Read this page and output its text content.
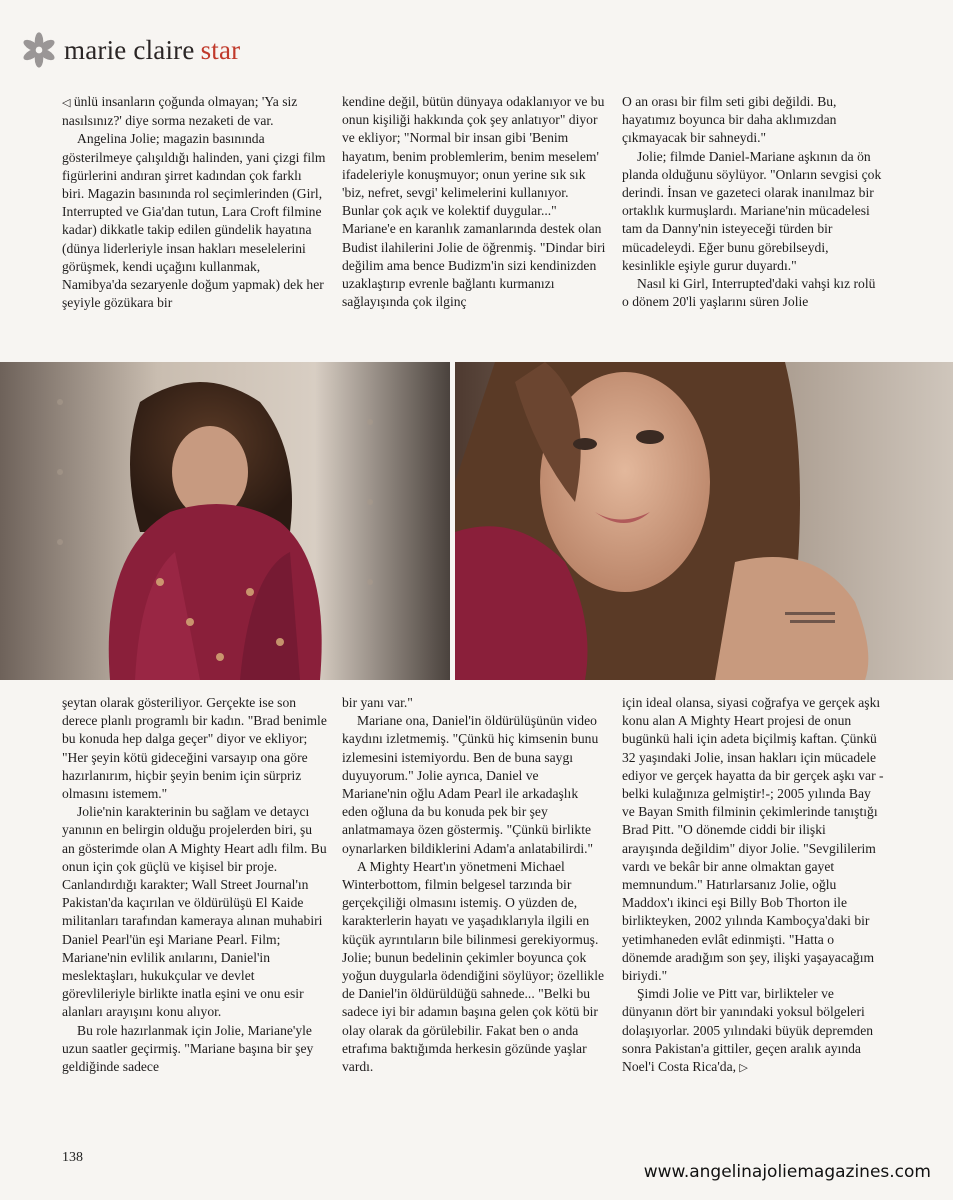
marie claire star

◁ ünlü insanların çoğunda olmayan; 'Ya siz nasılsınız?' diye sorma nezaketi de var.

Angelina Jolie; magazin basınında gösterilmeye çalışıldığı halinden, yani çizgi film figürlerini andıran şirret kadından çok farklı biri. Magazin basınında rol seçimlerinden (Girl, Interrupted ve Gia'dan tutun, Lara Croft filmine kadar) dikkatle takip edilen gündelik hayatına (dünya liderleriyle insan hakları meselelerini görüşmek, kendi uçağını kullanmak, Namibya'da sezaryenle doğum yapmak) dek her şeyiyle gözükara bir

kendine değil, bütün dünyaya odaklanıyor ve bu onun kişiliği hakkında çok şey anlatıyor" diyor ve ekliyor; "Normal bir insan gibi 'Benim hayatım, benim problemlerim, benim meselem' ifadeleriyle konuşmuyor; onun yerine sık sık 'biz, nefret, sevgi' kelimelerini kullanıyor. Bunlar çok açık ve kolektif duygular..." Mariane'e en karanlık zamanlarında destek olan Budist ilahilerini Jolie de öğrenmiş. "Dindar biri değilim ama bence Budizm'in sizi kendinizden uzaklaştırıp evrenle bağlantı kurmanızı sağlayışında çok ilginç

O an orası bir film seti gibi değildi. Bu, hayatımız boyunca bir daha aklımızdan çıkmayacak bir sahneydi."

Jolie; filmde Daniel-Mariane aşkının da ön planda olduğunu söylüyor. "Onların sevgisi çok derindi. İnsan ve gazeteci olarak inanılmaz bir ortaklık kurmuşlardı. Mariane'nin mücadelesi tam da Danny'nin isteyeceği türden bir mücadeleydi. Eğer bunu görebilseydi, kesinlikle eşiyle gurur duyardı."

Nasıl ki Girl, Interrupted'daki vahşi kız rolü o dönem 20'li yaşlarını süren Jolie

şeytan olarak gösteriliyor. Gerçekte ise son derece planlı programlı bir kadın. "Brad benimle bu konuda hep dalga geçer" diyor ve ekliyor; "Her şeyin kötü gideceğini varsayıp ona göre hazırlanırım, hiçbir şeyin benim için sürpriz olmasını istemem."

Jolie'nin karakterinin bu sağlam ve detaycı yanının en belirgin olduğu projelerden biri, şu an gösterimde olan A Mighty Heart adlı film. Bu onun için çok güçlü ve kişisel bir proje. Canlandırdığı karakter; Wall Street Journal'ın Pakistan'da kaçırılan ve öldürülüşü El Kaide militanları tarafından kameraya alınan muhabiri Daniel Pearl'ün eşi Mariane Pearl. Film; Mariane'nin evlilik anılarını, Daniel'in meslektaşları, hukukçular ve devlet görevlileriyle birlikte inatla eşini ve onu esir alanları arayışını konu alıyor.

Bu role hazırlanmak için Jolie, Mariane'yle uzun saatler geçirmiş. "Mariane başına bir şey geldiğinde sadece

bir yanı var."

Mariane ona, Daniel'in öldürülüşünün video kaydını izletmemiş. "Çünkü hiç kimsenin bunu izlemesini istemiyordu. Ben de buna saygı duyuyorum." Jolie ayrıca, Daniel ve Mariane'nin oğlu Adam Pearl ile arkadaşlık eden oğluna da bu konuda pek bir şey anlatmamaya özen göstermiş. "Çünkü birlikte oynarlarken bildiklerini Adam'a anlatabilirdi."

A Mighty Heart'ın yönetmeni Michael Winterbottom, filmin belgesel tarzında bir gerçekçiliği olmasını istemiş. O yüzden de, karakterlerin hayatı ve yaşadıklarıyla ilgili en küçük ayrıntıların bile bilinmesi gerekiyormuş. Jolie; bunun bedelinin çekimler boyunca çok yoğun duygularla ödendiğini söylüyor; özellikle de Daniel'in öldürüldüğü sahnede... "Belki bu sadece iyi bir adamın başına gelen çok kötü bir olay olarak da görülebilir. Fakat ben o anda etrafıma baktığımda herkesin gözünde yaşlar vardı.

için ideal olansa, siyasi coğrafya ve gerçek aşkı konu alan A Mighty Heart projesi de onun bugünkü hali için adeta biçilmiş kaftan. Çünkü 32 yaşındaki Jolie, insan hakları için mücadele ediyor ve gerçek hayatta da bir gerçek aşkı var -belki kulağınıza gelmiştir!-; 2005 yılında Bay ve Bayan Smith filminin çekimlerinde tanıştığı Brad Pitt. "O dönemde ciddi bir ilişki arayışında değildim" diyor Jolie. "Sevgililerim vardı ve bekâr bir anne olmaktan gayet memnundum." Hatırlarsanız Jolie, oğlu Maddox'ı ikinci eşi Billy Bob Thorton ile birlikteyken, 2002 yılında Kamboçya'daki bir yetimhaneden evlât edinmişti. "Hatta o dönemde aradığım son şey, ilişki yaşayacağım biriydi."

Şimdi Jolie ve Pitt var, birlikteler ve dünyanın dört bir yanındaki yoksul bölgeleri dolaşıyorlar. 2005 yılındaki büyük depremden sonra Pakistan'a gittiler, geçen aralık ayında Noel'i Costa Rica'da, ▷

138
www.angelinajoliemagazines.com
